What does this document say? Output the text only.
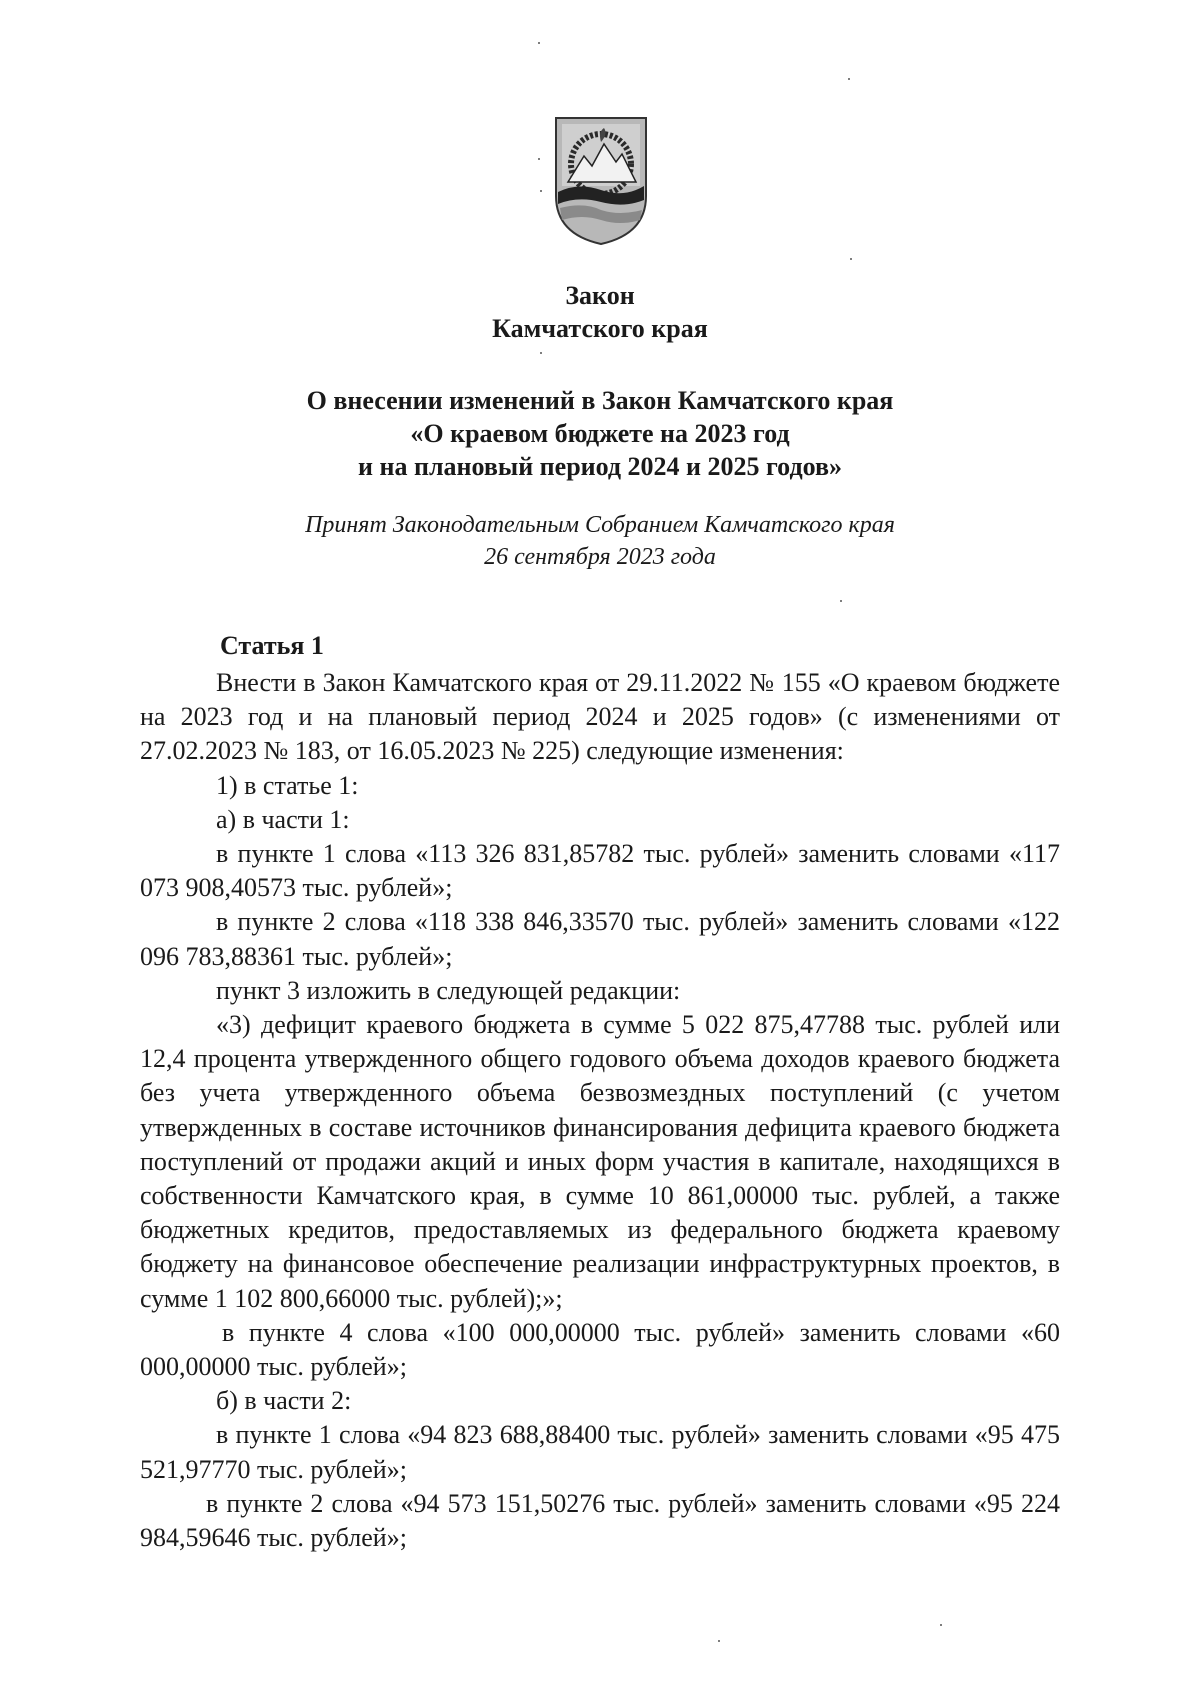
Закон
Камчатского края
О внесении изменений в Закон Камчатского края
«О краевом бюджете на 2023 год
и на плановый период 2024 и 2025 годов»
Принят Законодательным Собранием Камчатского края
26 сентября 2023 года
Статья 1

Внести в Закон Камчатского края от 29.11.2022 № 155 «О краевом бюджете на 2023 год и на плановый период 2024 и 2025 годов» (с изменениями от 27.02.2023 № 183, от 16.05.2023 № 225) следующие изменения:

1) в статье 1:

а) в части 1:

в пункте 1 слова «113 326 831,85782 тыс. рублей» заменить словами «117 073 908,40573 тыс. рублей»;

в пункте 2 слова «118 338 846,33570 тыс. рублей» заменить словами «122 096 783,88361 тыс. рублей»;

пункт 3 изложить в следующей редакции:

«3) дефицит краевого бюджета в сумме 5 022 875,47788 тыс. рублей или 12,4 процента утвержденного общего годового объема доходов краевого бюджета без учета утвержденного объема безвозмездных поступлений (с учетом утвержденных в составе источников финансирования дефицита краевого бюджета поступлений от продажи акций и иных форм участия в капитале, находящихся в собственности Камчатского края, в сумме 10 861,00000 тыс. рублей, а также бюджетных кредитов, предоставляемых из федерального бюджета краевому бюджету на финансовое обеспечение реализации инфраструктурных проектов, в сумме 1 102 800,66000 тыс. рублей);»;

в пункте 4 слова «100 000,00000 тыс. рублей» заменить словами «60 000,00000 тыс. рублей»;

б) в части 2:

в пункте 1 слова «94 823 688,88400 тыс. рублей» заменить словами «95 475 521,97770 тыс. рублей»;

в пункте 2 слова «94 573 151,50276 тыс. рублей» заменить словами «95 224 984,59646 тыс. рублей»;
